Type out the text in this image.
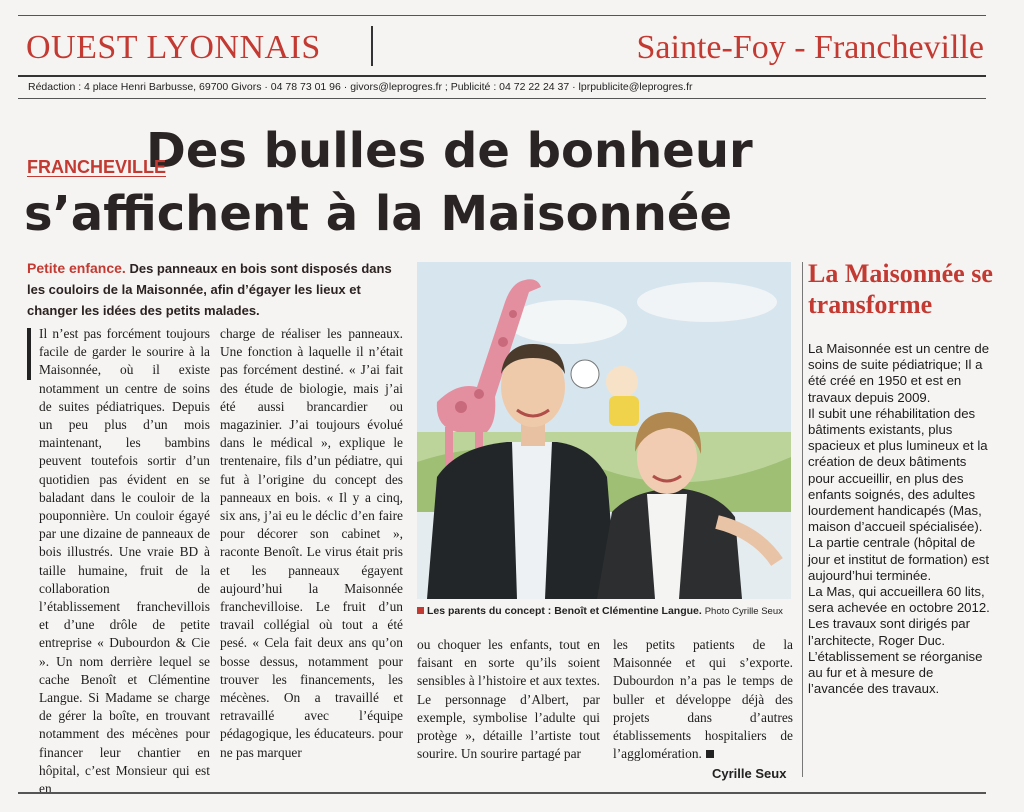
OUEST LYONNAIS	Sainte-Foy - Francheville
Rédaction : 4 place Henri Barbusse, 69700 Givors · 04 78 73 01 96 · givors@leprogres.fr ; Publicité : 04 72 22 24 37 · lprpublicite@leprogres.fr
Des bulles de bonheur
s’affichent à la Maisonnée
FRANCHEVILLE
Petite enfance. Des panneaux en bois sont disposés dans les couloirs de la Maisonnée, afin d’égayer les lieux et changer les idées des petits malades.

Il n’est pas forcément toujours facile de garder le sourire à la Maisonnée, où il existe notamment un centre de soins de suites pédiatriques. Depuis un peu plus d’un mois maintenant, les bambins peuvent toutefois sortir d’un quotidien pas évident en se baladant dans le couloir de la pouponnière. Un couloir égayé par une dizaine de panneaux de bois illustrés. Une vraie BD à taille humaine, fruit de la collaboration de l’établissement franchevillois et d’une drôle de petite entreprise « Dubourdon & Cie ». Un nom derrière lequel se cache Benoît et Clémentine Langue. Si Madame se charge de gérer la boîte, en trouvant notamment des mécènes pour financer leur chantier en hôpital, c’est Monsieur qui est en

charge de réaliser les panneaux. Une fonction à laquelle il n’était pas forcément destiné. « J’ai fait des étude de biologie, mais j’ai été aussi brancardier ou magazinier. J’ai toujours évolué dans le médical », explique le trentenaire, fils d’un pédiatre, qui fut à l’origine du concept des panneaux en bois. « Il y a cinq, six ans, j’ai eu le déclic d’en faire pour décorer son cabinet », raconte Benoît. Le virus était pris et les panneaux égayent aujourd’hui la Maisonnée franchevilloise. Le fruit d’un travail collégial où tout a été pesé. « Cela fait deux ans qu’on bosse dessus, notamment pour trouver les financements, les mécènes. On a travaillé et retravaillé avec l’équipe pédagogique, les éducateurs. pour ne pas marquer

ou choquer les enfants, tout en faisant en sorte qu’ils soient sensibles à l’histoire et aux textes. Le personnage d’Albert, par exemple, symbolise l’adulte qui protège », détaille l’artiste tout sourire. Un sourire partagé par

les petits patients de la Maisonnée et qui s’exporte. Dubourdon n’a pas le temps de buller et développe déjà des projets dans d’autres établissements hospitaliers de l’agglomération.

Cyrille Seux
Les parents du concept : Benoît et Clémentine Langue. Photo Cyrille Seux
La Maisonnée se transforme

La Maisonnée est un centre de soins de suite pédiatrique; Il a été créé en 1950 et est en travaux depuis 2009.

Il subit une réhabilitation des bâtiments existants, plus spacieux et plus lumineux et la création de deux bâtiments pour accueillir, en plus des enfants soignés, des adultes lourdement handicapés (Mas, maison d’accueil spécialisée).

La partie centrale (hôpital de jour et institut de formation) est aujourd’hui terminée.

La Mas, qui accueillera 60 lits, sera achevée en octobre 2012. Les travaux sont dirigés par l’architecte, Roger Duc.

L’établissement se réorganise au fur et à mesure de l’avancée des travaux.
